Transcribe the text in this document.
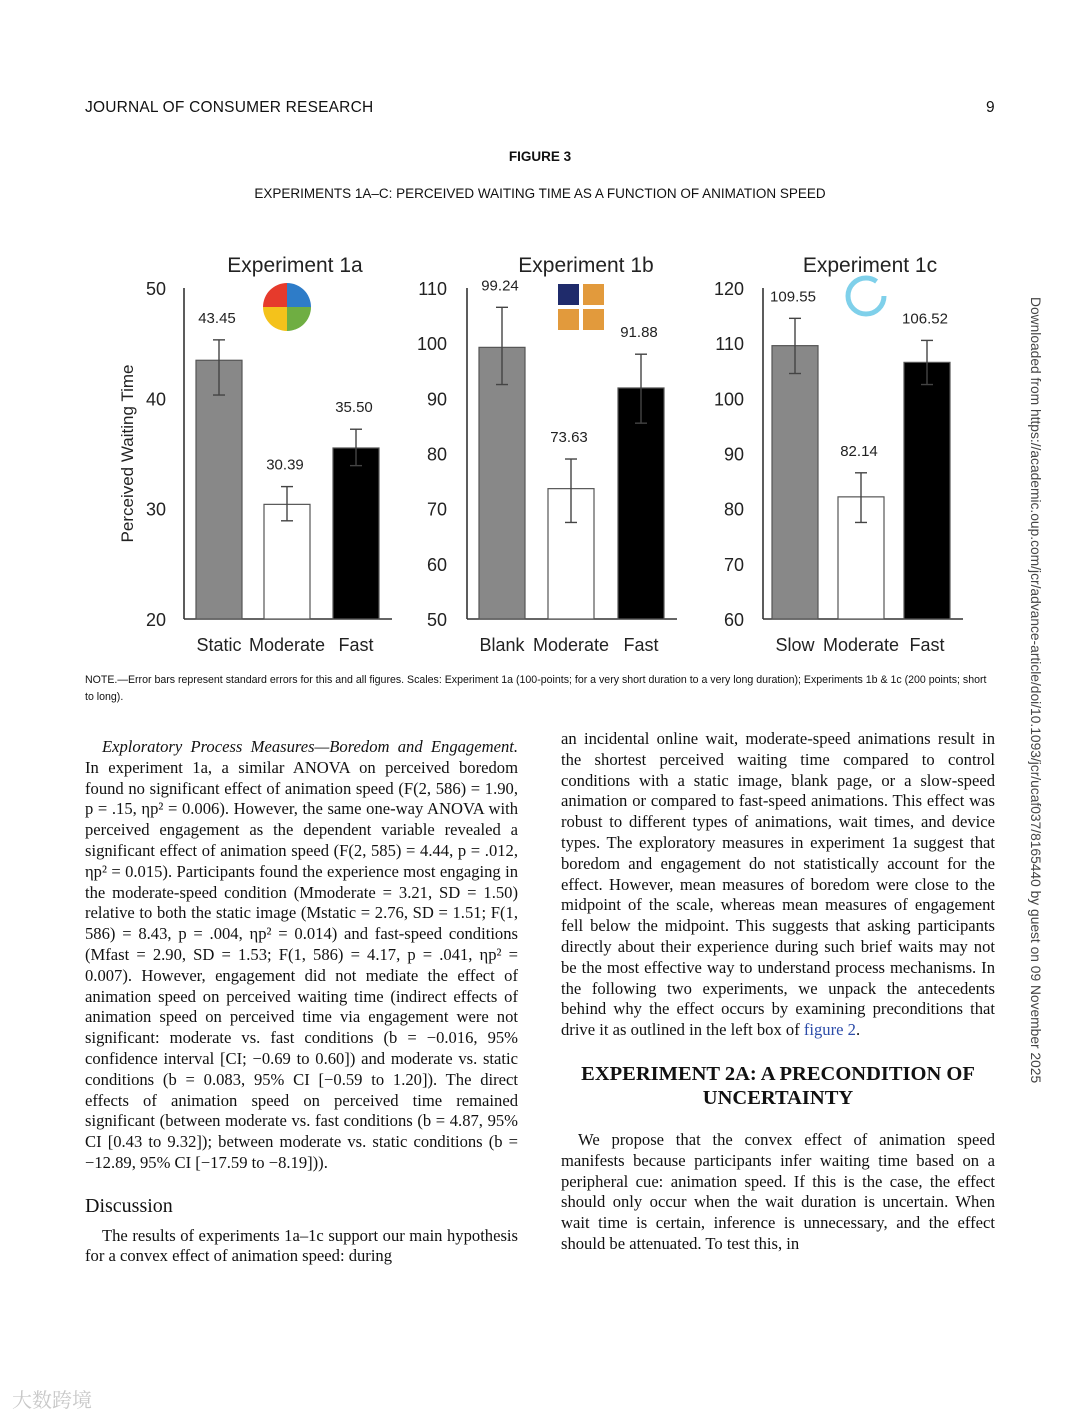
JOURNAL OF CONSUMER RESEARCH	9
FIGURE 3
EXPERIMENTS 1A–C: PERCEIVED WAITING TIME AS A FUNCTION OF ANIMATION SPEED
Experiment 1a
Perceived Waiting Time
20
30
40
50
43.45
Static
30.39
Moderate
35.50
Fast
Experiment 1b
50
60
70
80
90
100
110 99.24
Blank
73.63
Moderate
91.88
Fast
Experiment 1c
60
70
80
90
100
110
120 109.55
Slow
82.14
Moderate
106.52
Fast
NOTE.—Error bars represent standard errors for this and all figures. Scales: Experiment 1a (100-points; for a very short duration to a very long duration); Experiments 1b & 1c (200 points; short to long).	Downloaded from https://academic.oup.com/jcr/advance-article/doi/10.1093/jcr/ucaf037/8165440 by guest on 09 November 2025

Exploratory Process Measures—Boredom and Engagement. In experiment 1a, a similar ANOVA on perceived boredom found no significant effect of animation speed (F(2, 586) = 1.90, p = .15, ηp² = 0.006). However, the same one-way ANOVA with perceived engagement as the dependent variable revealed a significant effect of animation speed (F(2, 585) = 4.44, p = .012, ηp² = 0.015). Participants found the experience most engaging in the moderate-speed condition (Mmoderate = 3.21, SD = 1.50) relative to both the static image (Mstatic = 2.76, SD = 1.51; F(1, 586) = 8.43, p = .004, ηp² = 0.014) and fast-speed conditions (Mfast = 2.90, SD = 1.53; F(1, 586) = 4.17, p = .041, ηp² = 0.007). However, engagement did not mediate the effect of animation speed on perceived waiting time (indirect effects of animation speed on perceived time via engagement were not significant: moderate vs. fast conditions (b = −0.016, 95% confidence interval [CI; −0.69 to 0.60]) and moderate vs. static conditions (b = 0.083, 95% CI [−0.59 to 1.20]). The direct effects of animation speed on perceived time remained significant (between moderate vs. fast conditions (b = 4.87, 95% CI [0.43 to 9.32]); between moderate vs. static conditions (b = −12.89, 95% CI [−17.59 to −8.19])).

Discussion

The results of experiments 1a–1c support our main hypothesis for a convex effect of animation speed: during

an incidental online wait, moderate-speed animations result in the shortest perceived waiting time compared to control conditions with a static image, blank page, or a slow-speed animation or compared to fast-speed animations. This effect was robust to different types of animations, wait times, and device types. The exploratory measures in experiment 1a suggest that boredom and engagement do not statistically account for the effect. However, mean measures of boredom were close to the midpoint of the scale, whereas mean measures of engagement fell below the midpoint. This suggests that asking participants directly about their experience during such brief waits may not be the most effective way to understand process mechanisms. In the following two experiments, we unpack the antecedents behind why the effect occurs by examining preconditions that drive it as outlined in the left box of figure 2.

EXPERIMENT 2A: A PRECONDITION OF UNCERTAINTY

We propose that the convex effect of animation speed manifests because participants infer waiting time based on a peripheral cue: animation speed. If this is the case, the effect should only occur when the wait duration is uncertain. When wait time is certain, inference is unnecessary, and the effect should be attenuated. To test this, in

大数跨境
